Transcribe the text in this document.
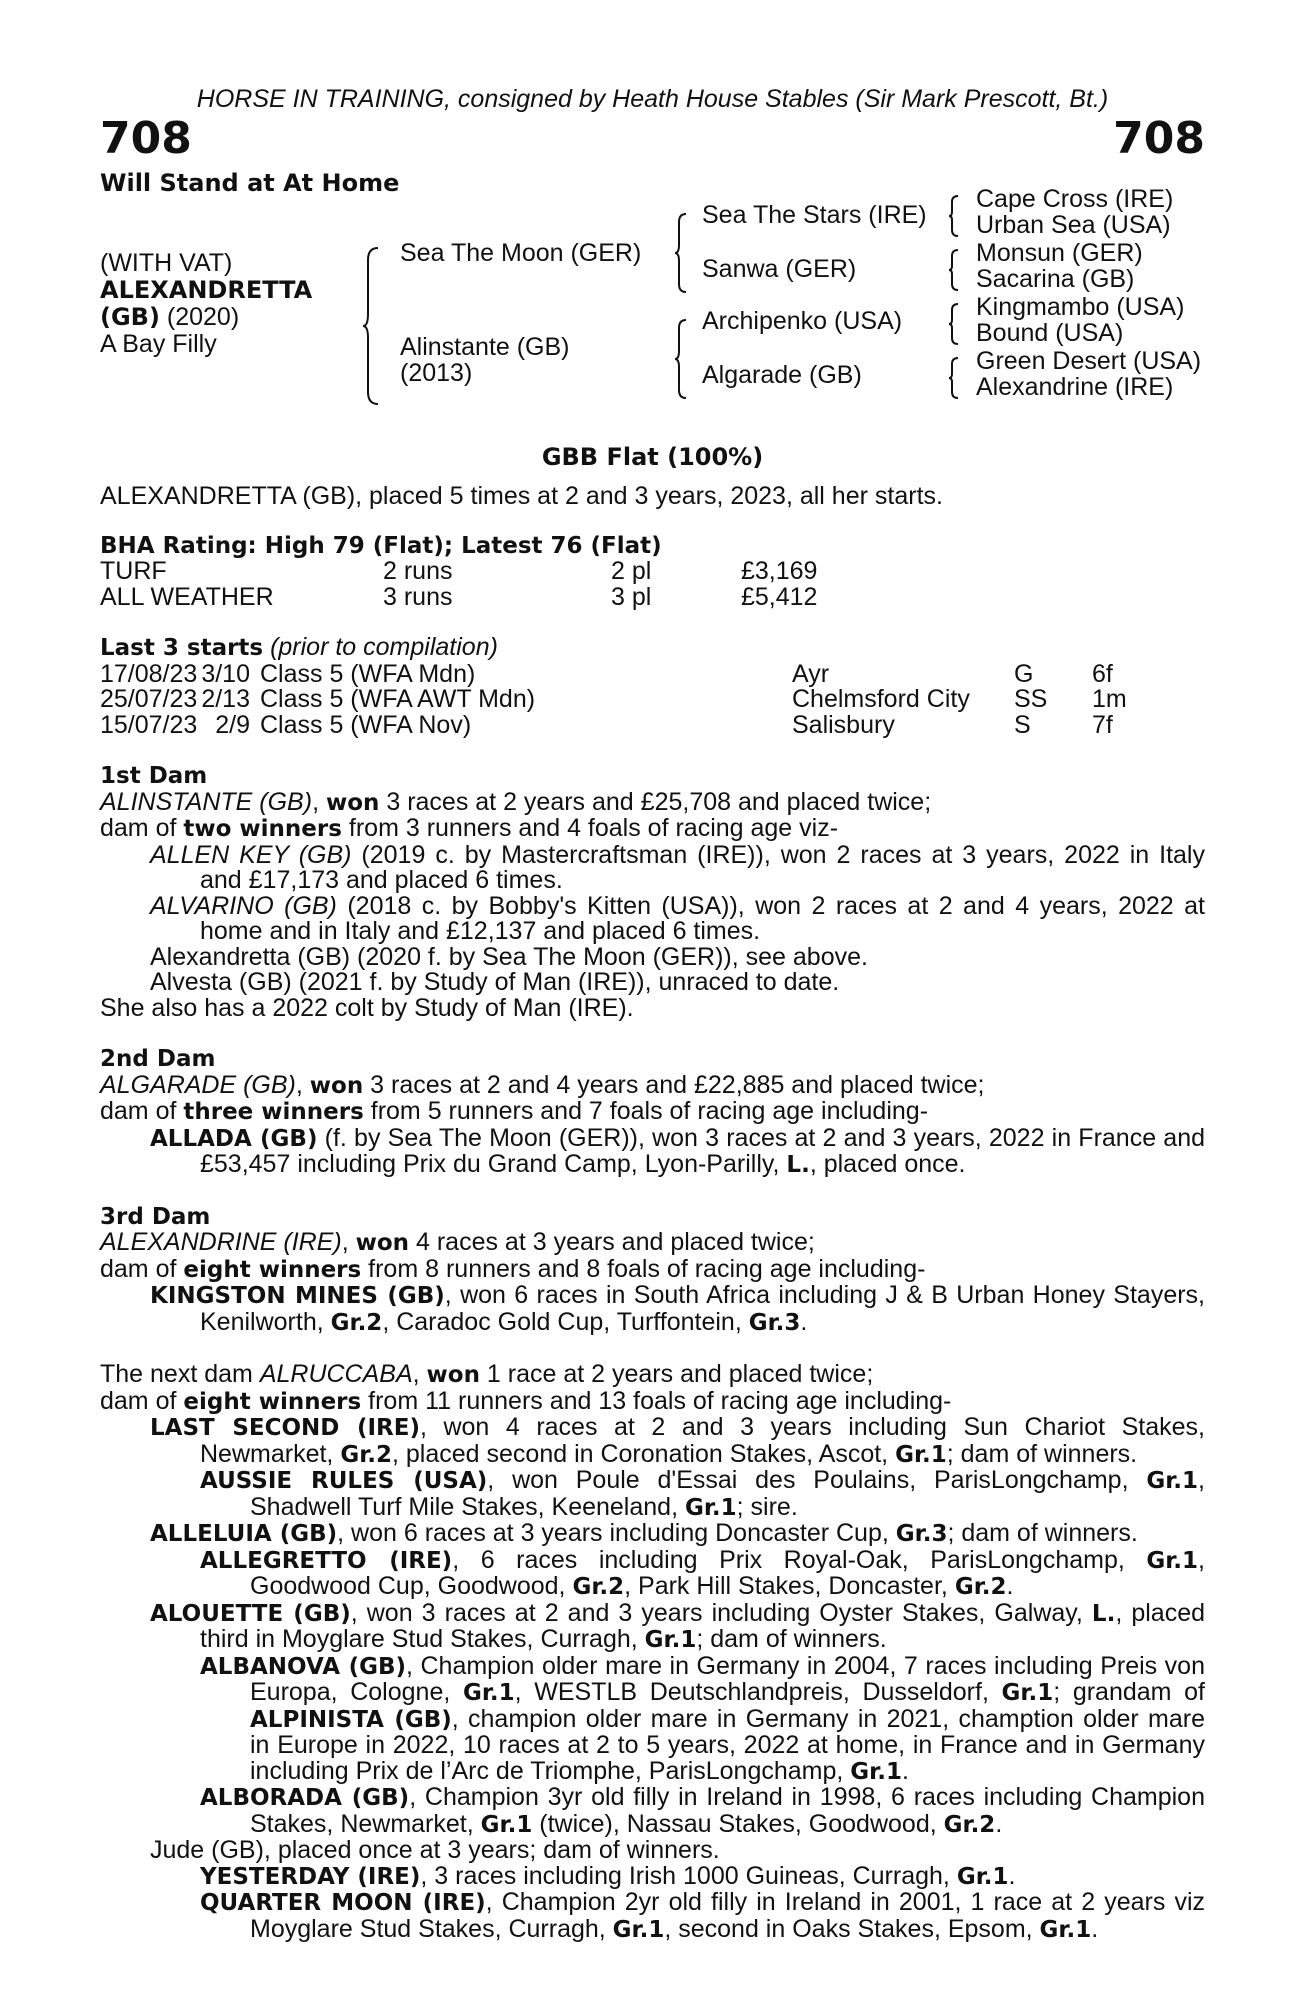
HORSE IN TRAINING, consigned by Heath House Stables (Sir Mark Prescott, Bt.)
708	708
Will Stand at At Home
(WITH VAT)
ALEXANDRETTA
(GB) (2020)
A Bay Filly
Sea The Moon (GER)
Alinstante (GB)
(2013)
Sea The Stars (IRE)
Sanwa (GER)
Archipenko (USA)
Algarade (GB)
Cape Cross (IRE)
Urban Sea (USA)
Monsun (GER)
Sacarina (GB)
Kingmambo (USA)
Bound (USA)
Green Desert (USA)
Alexandrine (IRE)
GBB Flat (100%)

ALEXANDRETTA (GB), placed 5 times at 2 and 3 years, 2023, all her starts.

BHA Rating: High 79 (Flat); Latest 76 (Flat)

TURF	2 runs	2 pl	£3,169
ALL WEATHER	3 runs	3 pl	£5,412

Last 3 starts (prior to compilation)

17/08/23	3/10	Class 5 (WFA Mdn)	Ayr	G	6f
25/07/23	2/13	Class 5 (WFA AWT Mdn)	Chelmsford City	SS	1m
15/07/23	2/9	Class 5 (WFA Nov)	Salisbury	S	7f

1st Dam

ALINSTANTE (GB), won 3 races at 2 years and £25,708 and placed twice;

dam of two winners from 3 runners and 4 foals of racing age viz-

ALLEN KEY (GB) (2019 c. by Mastercraftsman (IRE)), won 2 races at 3 years, 2022 in Italy and £17,173 and placed 6 times.

ALVARINO (GB) (2018 c. by Bobby's Kitten (USA)), won 2 races at 2 and 4 years, 2022 at home and in Italy and £12,137 and placed 6 times.

Alexandretta (GB) (2020 f. by Sea The Moon (GER)), see above.

Alvesta (GB) (2021 f. by Study of Man (IRE)), unraced to date.

She also has a 2022 colt by Study of Man (IRE).

2nd Dam

ALGARADE (GB), won 3 races at 2 and 4 years and £22,885 and placed twice;

dam of three winners from 5 runners and 7 foals of racing age including-

ALLADA (GB) (f. by Sea The Moon (GER)), won 3 races at 2 and 3 years, 2022 in France and £53,457 including Prix du Grand Camp, Lyon-Parilly, L., placed once.

3rd Dam

ALEXANDRINE (IRE), won 4 races at 3 years and placed twice;

dam of eight winners from 8 runners and 8 foals of racing age including-

KINGSTON MINES (GB), won 6 races in South Africa including J & B Urban Honey Stayers, Kenilworth, Gr.2, Caradoc Gold Cup, Turffontein, Gr.3.

The next dam ALRUCCABA, won 1 race at 2 years and placed twice;

dam of eight winners from 11 runners and 13 foals of racing age including-

LAST SECOND (IRE), won 4 races at 2 and 3 years including Sun Chariot Stakes, Newmarket, Gr.2, placed second in Coronation Stakes, Ascot, Gr.1; dam of winners.

AUSSIE RULES (USA), won Poule d'Essai des Poulains, ParisLongchamp, Gr.1, Shadwell Turf Mile Stakes, Keeneland, Gr.1; sire.

ALLELUIA (GB), won 6 races at 3 years including Doncaster Cup, Gr.3; dam of winners.

ALLEGRETTO (IRE), 6 races including Prix Royal-Oak, ParisLongchamp, Gr.1, Goodwood Cup, Goodwood, Gr.2, Park Hill Stakes, Doncaster, Gr.2.

ALOUETTE (GB), won 3 races at 2 and 3 years including Oyster Stakes, Galway, L., placed third in Moyglare Stud Stakes, Curragh, Gr.1; dam of winners.

ALBANOVA (GB), Champion older mare in Germany in 2004, 7 races including Preis von Europa, Cologne, Gr.1, WESTLB Deutschlandpreis, Dusseldorf, Gr.1; grandam of ALPINISTA (GB), champion older mare in Germany in 2021, chamption older mare in Europe in 2022, 10 races at 2 to 5 years, 2022 at home, in France and in Germany including Prix de l’Arc de Triomphe, ParisLongchamp, Gr.1.

ALBORADA (GB), Champion 3yr old filly in Ireland in 1998, 6 races including Champion Stakes, Newmarket, Gr.1 (twice), Nassau Stakes, Goodwood, Gr.2.

Jude (GB), placed once at 3 years; dam of winners.

YESTERDAY (IRE), 3 races including Irish 1000 Guineas, Curragh, Gr.1.

QUARTER MOON (IRE), Champion 2yr old filly in Ireland in 2001, 1 race at 2 years viz Moyglare Stud Stakes, Curragh, Gr.1, second in Oaks Stakes, Epsom, Gr.1.
